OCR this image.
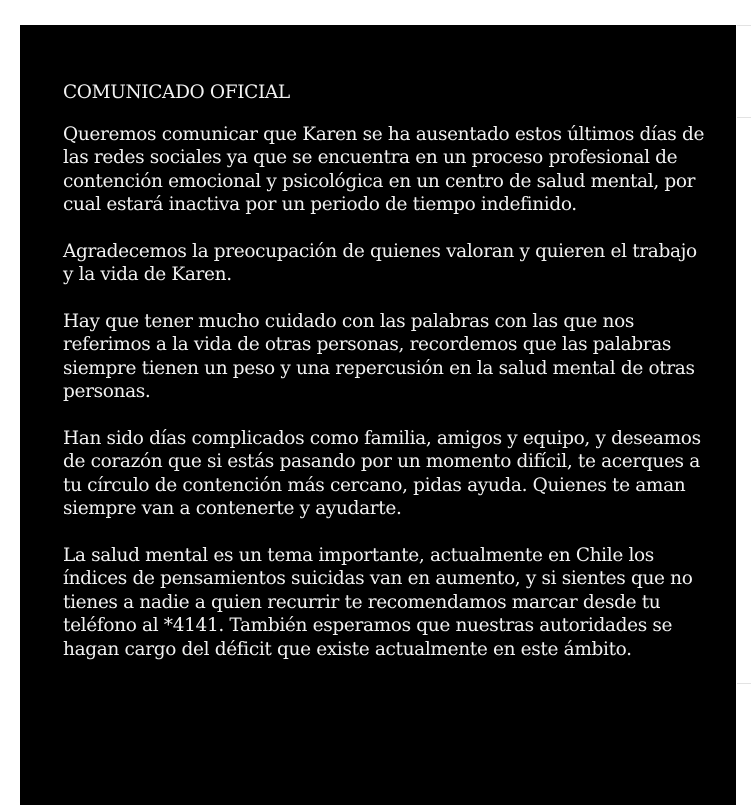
COMUNICADO OFICIAL

Queremos comunicar que Karen se ha ausentado estos últimos días de las redes sociales ya que se encuentra en un proceso profesional de contención emocional y psicológica en un centro de salud mental, por cual estará inactiva por un periodo de tiempo indefinido.

Agradecemos la preocupación de quienes valoran y quieren el trabajo y la vida de Karen.

Hay que tener mucho cuidado con las palabras con las que nos referimos a la vida de otras personas, recordemos que las palabras siempre tienen un peso y una repercusión en la salud mental de otras personas.

Han sido días complicados como familia, amigos y equipo, y deseamos de corazón que si estás pasando por un momento difícil, te acerques a tu círculo de contención más cercano, pidas ayuda. Quienes te aman siempre van a contenerte y ayudarte.

La salud mental es un tema importante, actualmente en Chile los índices de pensamientos suicidas van en aumento, y si sientes que no tienes a nadie a quien recurrir te recomendamos marcar desde tu teléfono al *4141. También esperamos que nuestras autoridades se hagan cargo del déficit que existe actualmente en este ámbito.
